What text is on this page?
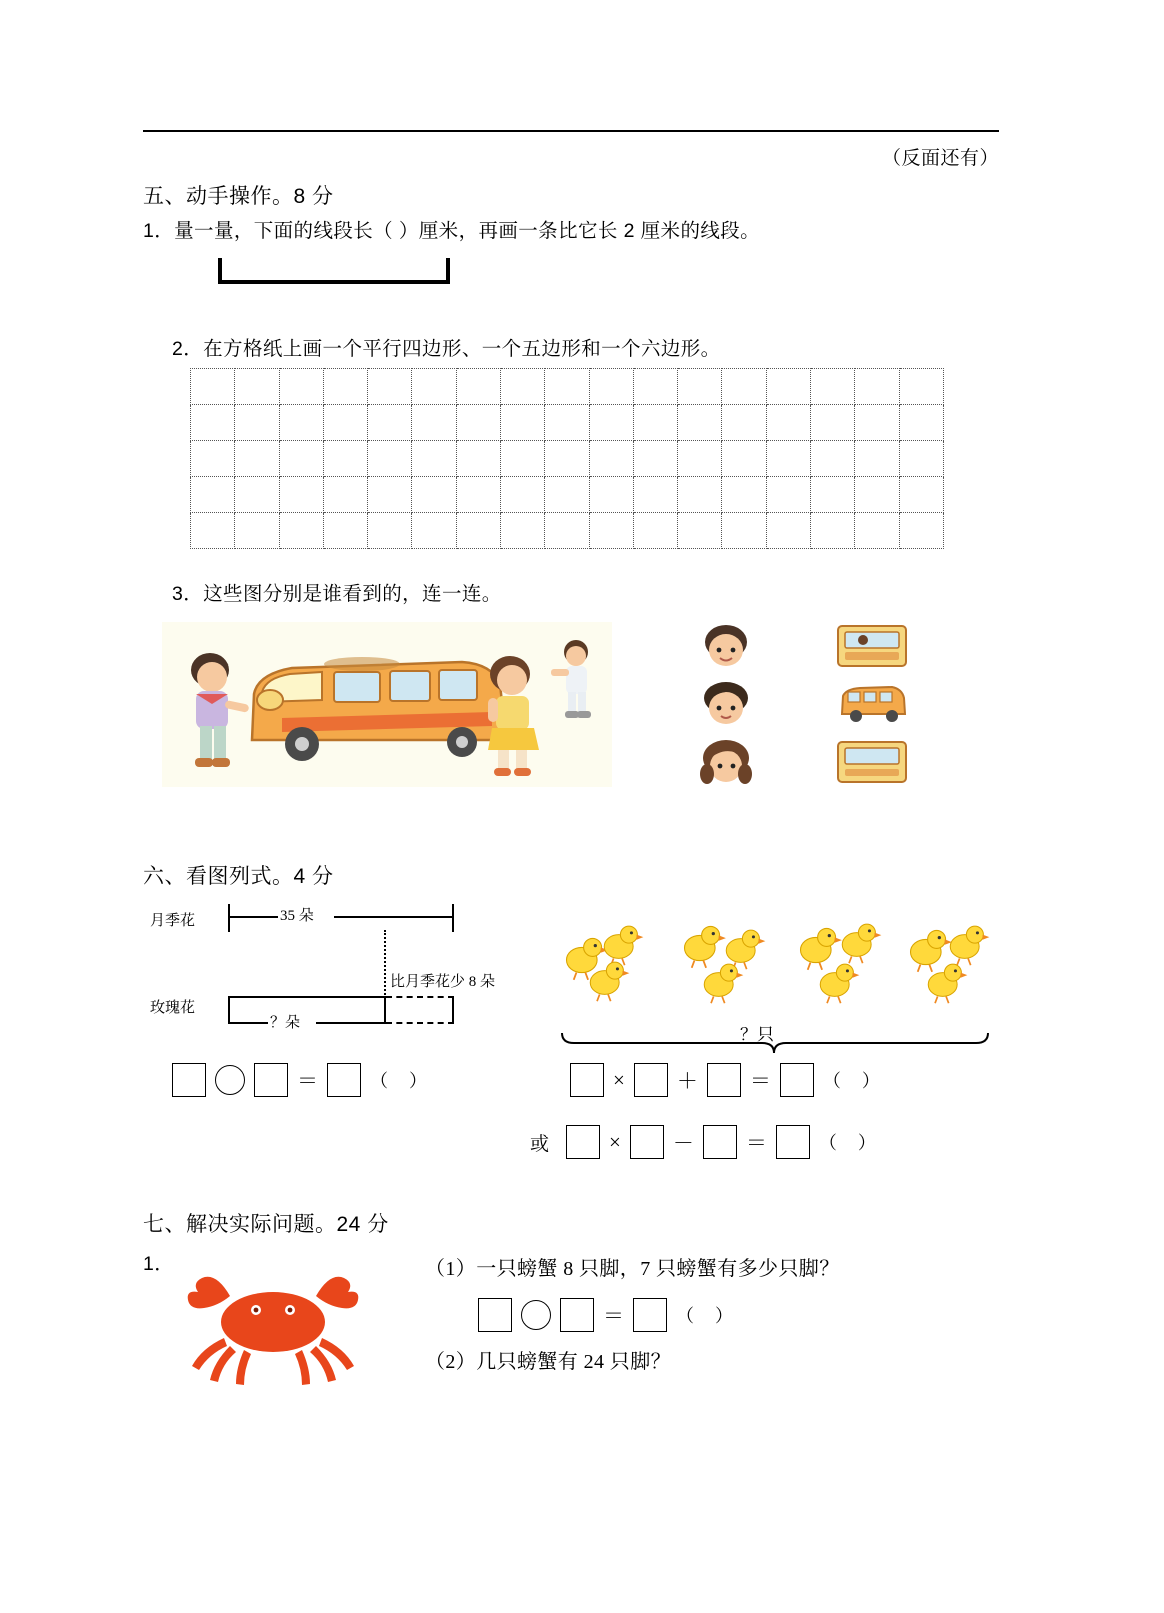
（反面还有）
五、动手操作。8 分
1．量一量，下面的线段长（ ）厘米，再画一条比它长 2 厘米的线段。
2．在方格纸上画一个平行四边形、一个五边形和一个六边形。

3．这些图分别是谁看到的，连一连。
六、看图列式。4 分
月季花
玫瑰花
35 朵
比月季花少 8 朵
？朵
？只
＝	（ ）	× ＋ ＝	（ ）
或	× － ＝	（ ）
七、解决实际问题。24 分
1．	（1）一只螃蟹 8 只脚，7 只螃蟹有多少只脚？
＝	（ ）
（2）几只螃蟹有 24 只脚？
